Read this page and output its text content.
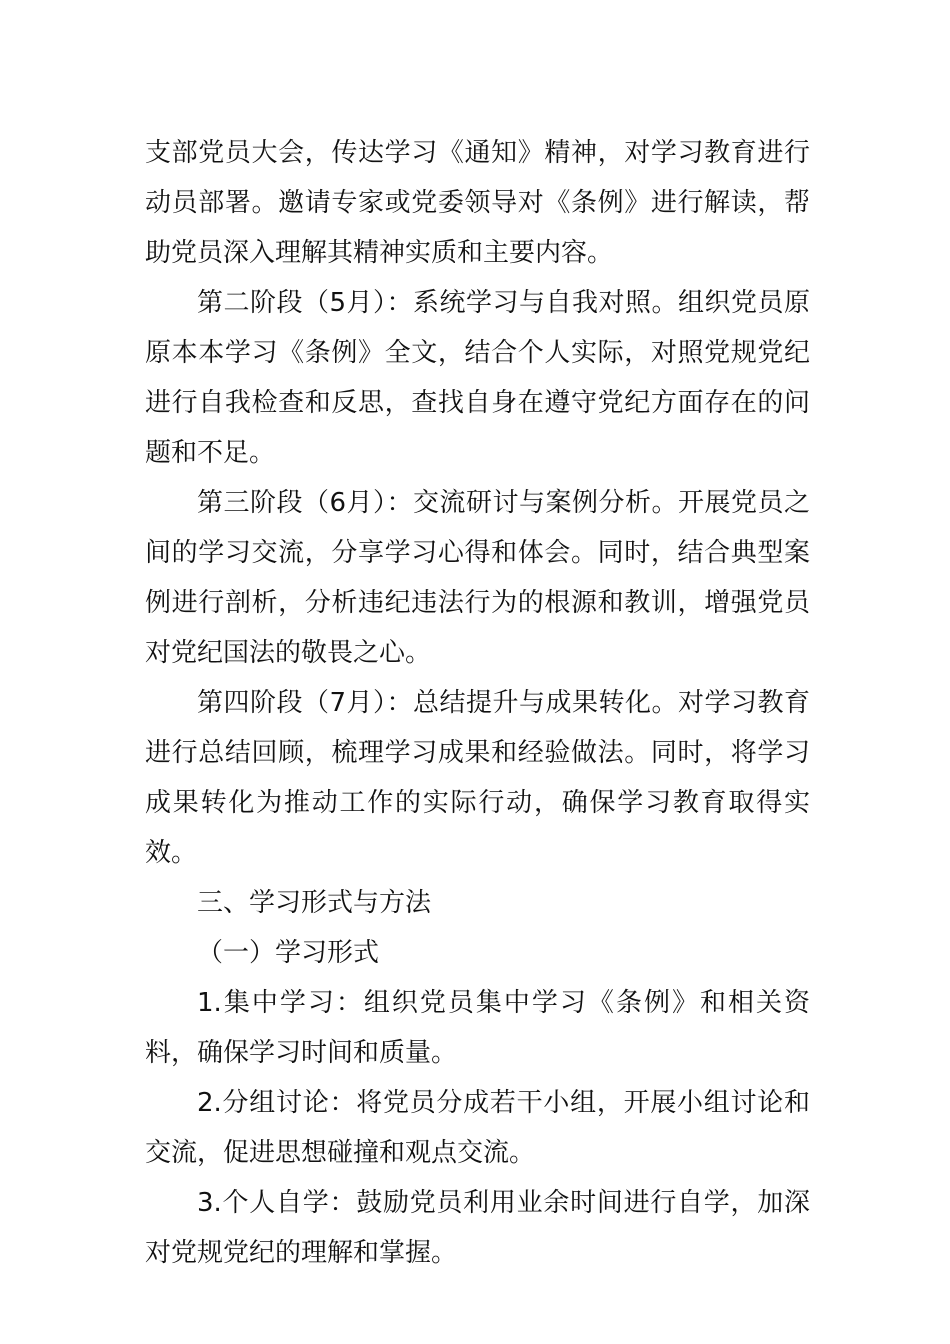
支部党员大会，传达学习《通知》精神，对学习教育进行动员部署。邀请专家或党委领导对《条例》进行解读，帮助党员深入理解其精神实质和主要内容。

第二阶段（5月）：系统学习与自我对照。组织党员原原本本学习《条例》全文，结合个人实际，对照党规党纪进行自我检查和反思，查找自身在遵守党纪方面存在的问题和不足。

第三阶段（6月）：交流研讨与案例分析。开展党员之间的学习交流，分享学习心得和体会。同时，结合典型案例进行剖析，分析违纪违法行为的根源和教训，增强党员对党纪国法的敬畏之心。

第四阶段（7月）：总结提升与成果转化。对学习教育进行总结回顾，梳理学习成果和经验做法。同时，将学习成果转化为推动工作的实际行动，确保学习教育取得实效。

三、学习形式与方法

（一）学习形式

1.集中学习：组织党员集中学习《条例》和相关资料，确保学习时间和质量。

2.分组讨论：将党员分成若干小组，开展小组讨论和交流，促进思想碰撞和观点交流。

3.个人自学：鼓励党员利用业余时间进行自学，加深对党规党纪的理解和掌握。
